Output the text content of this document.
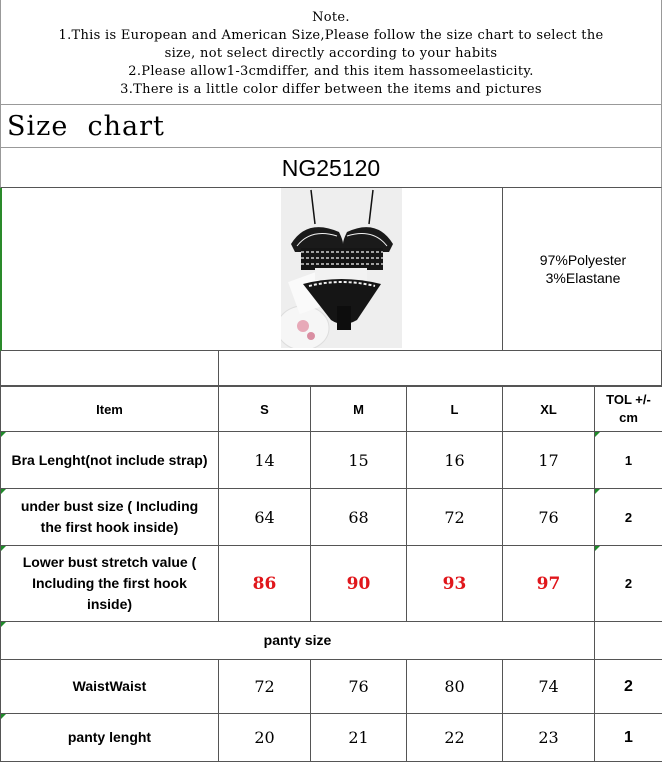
Note.
1.This is European and American Size,Please follow the size chart to select the
size, not select directly according to your habits
2.Please allow1-3cmdiffer, and this item hassomeelasticity.
3.There is a little color differ between the items and pictures
Size  chart
NG25120
97%Polyester
3%Elastane
Item	S	M	L	XL	TOL +/-
cm
Bra Lenght(not include strap)	14	15	16	17	1
under bust size ( Including the first hook inside)	64	68	72	76	2
Lower bust stretch value ( Including the first hook inside)	86	90	93	97	2
panty size					
WaistWaist	72	76	80	74	2
panty lenght	20	21	22	23	1
